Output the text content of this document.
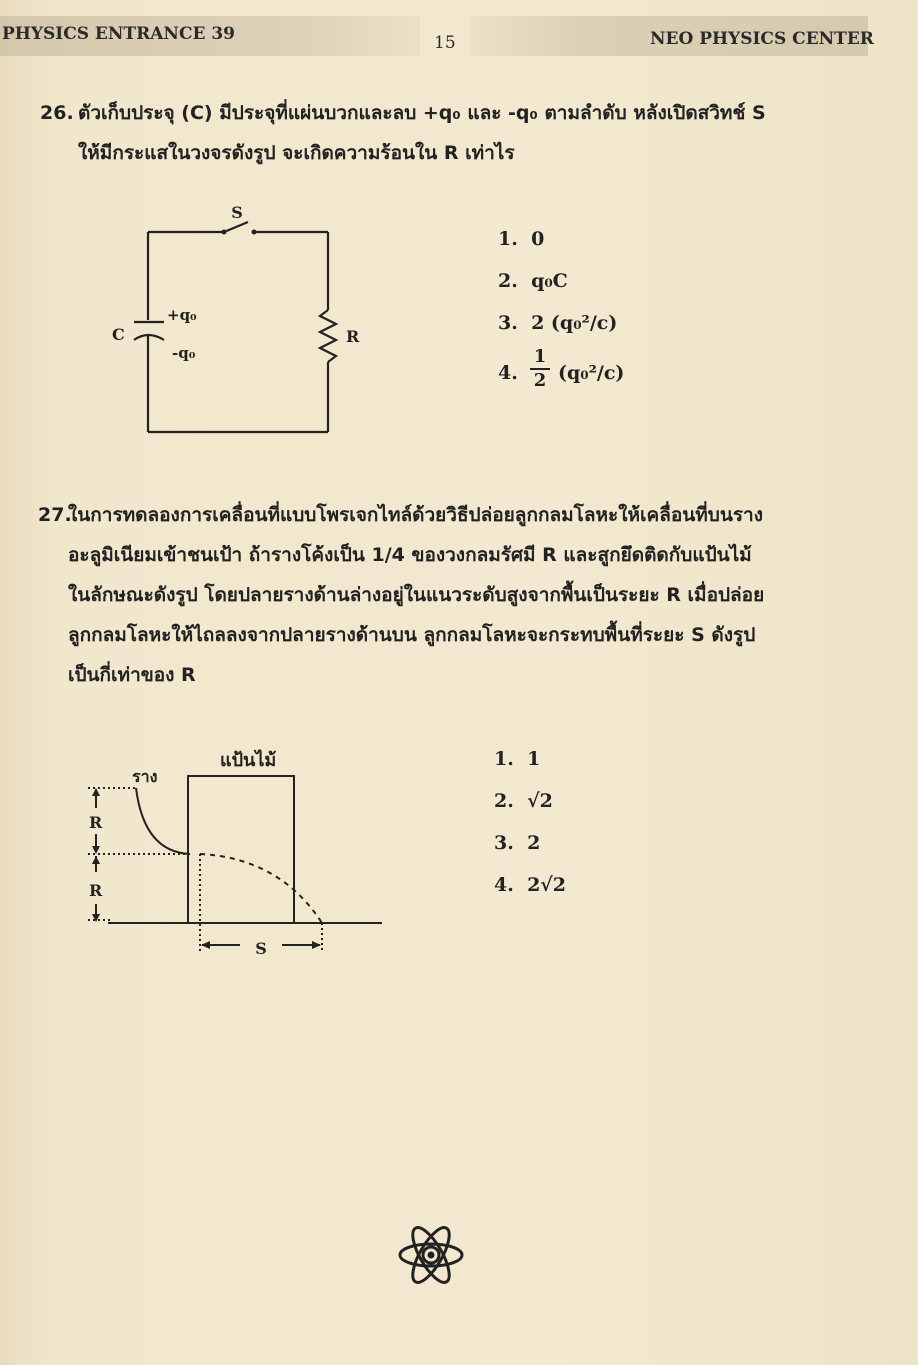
PHYSICS ENTRANCE 39	15	NEO PHYSICS CENTER
26. ตัวเก็บประจุ (C) มีประจุที่แผ่นบวกและลบ +q₀ และ -q₀ ตามลำดับ หลังเปิดสวิทช์ S
ให้มีกระแสในวงจรดังรูป จะเกิดความร้อนใน R เท่าไร
S
C
+q₀
-q₀
R
1. 0
2. q₀C
3. 2 (q₀²/c)
4. $\frac{1}{2} (q_0^2/c)$
27.
ในการทดลองการเคลื่อนที่แบบโพรเจกไทล์ด้วยวิธีปล่อยลูกกลมโลหะให้เคลื่อนที่บนราง
อะลูมิเนียมเข้าชนเป้า ถ้ารางโค้งเป็น 1/4 ของวงกลมรัศมี R และสูกยึดติดกับแป้นไม้
ในลักษณะดังรูป โดยปลายรางด้านล่างอยู่ในแนวระดับสูงจากพื้นเป็นระยะ R เมื่อปล่อย
ลูกกลมโลหะให้ไถลลงจากปลายรางด้านบน ลูกกลมโลหะจะกระทบพื้นที่ระยะ S ดังรูป
เป็นกี่เท่าของ R
แป้นไม้
ราง
R
R
S
1. 1
2. √2
3. 2
4. 2√2
